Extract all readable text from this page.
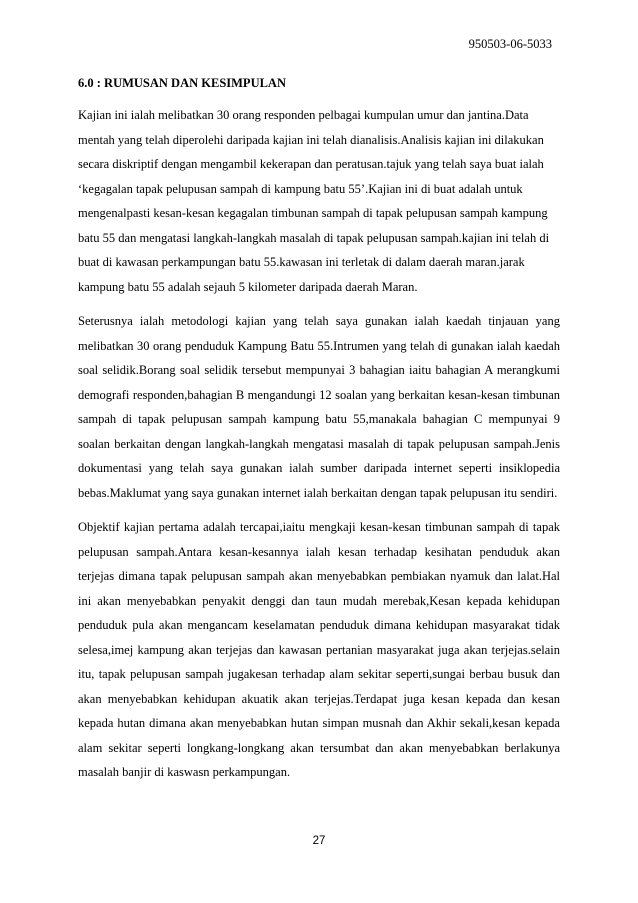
950503-06-5033
6.0 : RUMUSAN DAN KESIMPULAN

Kajian ini ialah melibatkan 30 orang responden pelbagai kumpulan umur dan jantina.Data mentah yang telah diperolehi daripada kajian ini telah dianalisis.Analisis kajian ini dilakukan secara diskriptif dengan mengambil kekerapan dan peratusan.tajuk yang telah saya buat ialah ‘kegagalan tapak pelupusan sampah di kampung batu 55’.Kajian ini di buat adalah untuk mengenalpasti kesan-kesan kegagalan timbunan sampah di tapak pelupusan sampah kampung batu 55 dan mengatasi langkah-langkah masalah di tapak pelupusan sampah.kajian ini telah di buat di kawasan perkampungan batu 55.kawasan ini terletak di dalam daerah maran.jarak kampung batu 55 adalah sejauh 5 kilometer daripada daerah Maran.

Seterusnya ialah metodologi kajian yang telah saya gunakan ialah kaedah tinjauan yang melibatkan 30 orang penduduk Kampung Batu 55.Intrumen yang telah di gunakan ialah kaedah soal selidik.Borang soal selidik tersebut mempunyai 3 bahagian iaitu bahagian A merangkumi demografi responden,bahagian B mengandungi 12 soalan yang berkaitan kesan-kesan timbunan sampah di tapak pelupusan sampah kampung batu 55,manakala bahagian C mempunyai 9 soalan berkaitan dengan langkah-langkah mengatasi masalah di tapak pelupusan sampah.Jenis dokumentasi yang telah saya gunakan ialah sumber daripada internet seperti insiklopedia bebas.Maklumat yang saya gunakan internet ialah berkaitan dengan tapak pelupusan itu sendiri.

Objektif kajian pertama adalah tercapai,iaitu mengkaji kesan-kesan timbunan sampah di tapak pelupusan sampah.Antara kesan-kesannya ialah kesan terhadap kesihatan penduduk akan terjejas dimana tapak pelupusan sampah akan menyebabkan pembiakan nyamuk dan lalat.Hal ini akan menyebabkan penyakit denggi dan taun mudah merebak,Kesan kepada kehidupan penduduk pula akan mengancam keselamatan penduduk dimana kehidupan masyarakat tidak selesa,imej kampung akan terjejas dan kawasan pertanian masyarakat juga akan terjejas.selain itu, tapak pelupusan sampah jugakesan terhadap alam sekitar seperti,sungai berbau busuk dan akan menyebabkan kehidupan akuatik akan terjejas.Terdapat juga kesan kepada dan kesan kepada hutan dimana akan menyebabkan hutan simpan musnah dan Akhir sekali,kesan kepada alam sekitar seperti longkang-longkang akan tersumbat dan akan menyebabkan berlakunya masalah banjir di kaswasn perkampungan.

27
